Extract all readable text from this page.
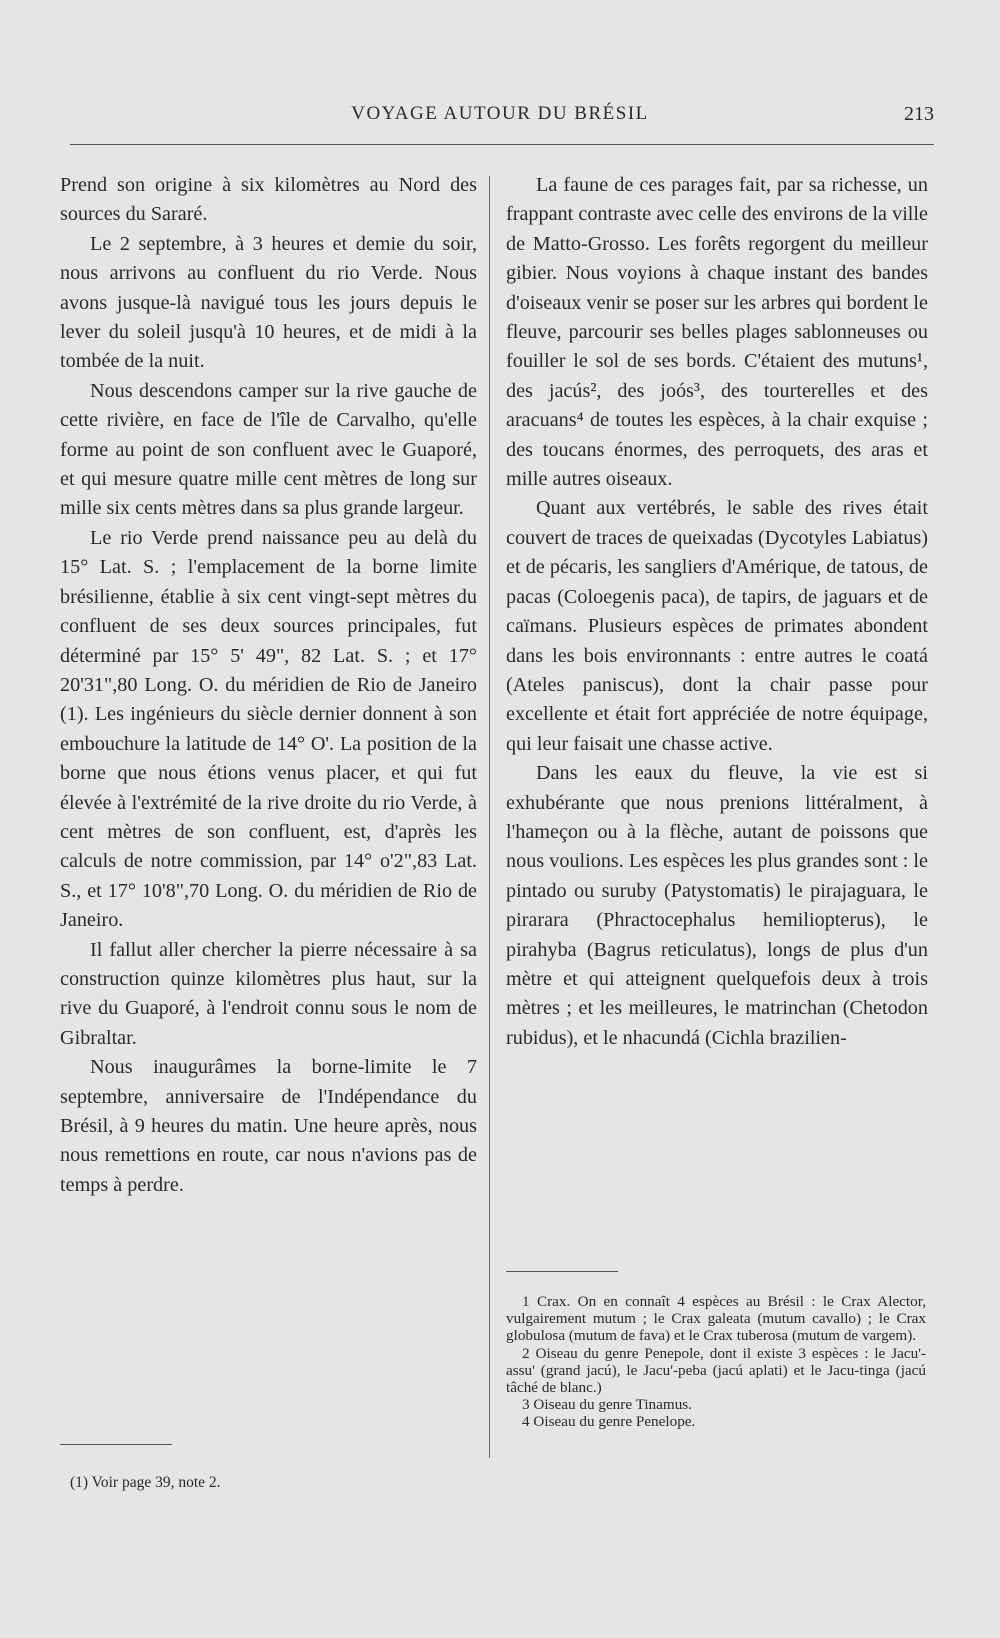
VOYAGE AUTOUR DU BRÉSIL	213

Prend son origine à six kilomètres au Nord des sources du Sararé.

Le 2 septembre, à 3 heures et demie du soir, nous arrivons au confluent du rio Verde. Nous avons jusque-là navigué tous les jours depuis le lever du soleil jusqu'à 10 heures, et de midi à la tombée de la nuit.

Nous descendons camper sur la rive gauche de cette rivière, en face de l'île de Carvalho, qu'elle forme au point de son confluent avec le Guaporé, et qui mesure quatre mille cent mètres de long sur mille six cents mètres dans sa plus grande largeur.

Le rio Verde prend naissance peu au delà du 15° Lat. S. ; l'emplacement de la borne limite brésilienne, établie à six cent vingt-sept mètres du confluent de ses deux sources principales, fut déterminé par 15° 5' 49", 82 Lat. S. ; et 17° 20'31",80 Long. O. du méridien de Rio de Janeiro (1). Les ingénieurs du siècle dernier donnent à son embouchure la latitude de 14° O'. La position de la borne que nous étions venus placer, et qui fut élevée à l'extrémité de la rive droite du rio Verde, à cent mètres de son confluent, est, d'après les calculs de notre commission, par 14° o'2",83 Lat. S., et 17° 10'8",70 Long. O. du méridien de Rio de Janeiro.

Il fallut aller chercher la pierre nécessaire à sa construction quinze kilomètres plus haut, sur la rive du Guaporé, à l'endroit connu sous le nom de Gibraltar.

Nous inaugurâmes la borne-limite le 7 septembre, anniversaire de l'Indépendance du Brésil, à 9 heures du matin. Une heure après, nous nous remettions en route, car nous n'avions pas de temps à perdre.

(1) Voir page 39, note 2.

La faune de ces parages fait, par sa richesse, un frappant contraste avec celle des environs de la ville de Matto-Grosso. Les forêts regorgent du meilleur gibier. Nous voyions à chaque instant des bandes d'oiseaux venir se poser sur les arbres qui bordent le fleuve, parcourir ses belles plages sablonneuses ou fouiller le sol de ses bords. C'étaient des mutuns¹, des jacús², des joós³, des tourterelles et des aracuans⁴ de toutes les espèces, à la chair exquise ; des toucans énormes, des perroquets, des aras et mille autres oiseaux.

Quant aux vertébrés, le sable des rives était couvert de traces de queixadas (Dycotyles Labiatus) et de pécaris, les sangliers d'Amérique, de tatous, de pacas (Coloegenis paca), de tapirs, de jaguars et de caïmans. Plusieurs espèces de primates abondent dans les bois environnants : entre autres le coatá (Ateles paniscus), dont la chair passe pour excellente et était fort appréciée de notre équipage, qui leur faisait une chasse active.

Dans les eaux du fleuve, la vie est si exhubérante que nous prenions littéralment, à l'hameçon ou à la flèche, autant de poissons que nous voulions. Les espèces les plus grandes sont : le pintado ou suruby (Patystomatis) le pirajaguara, le pirarara (Phractocephalus hemiliopterus), le pirahyba (Bagrus reticulatus), longs de plus d'un mètre et qui atteignent quelquefois deux à trois mètres ; et les meilleures, le matrinchan (Chetodon rubidus), et le nhacundá (Cichla brazilien-

1 Crax. On en connaît 4 espèces au Brésil : le Crax Alector, vulgairement mutum ; le Crax galeata (mutum cavallo) ; le Crax globulosa (mutum de fava) et le Crax tuberosa (mutum de vargem).

2 Oiseau du genre Penepole, dont il existe 3 espèces : le Jacu'-assu' (grand jacú), le Jacu'-peba (jacú aplati) et le Jacu-tinga (jacú tâché de blanc.)

3 Oiseau du genre Tinamus.

4 Oiseau du genre Penelope.
